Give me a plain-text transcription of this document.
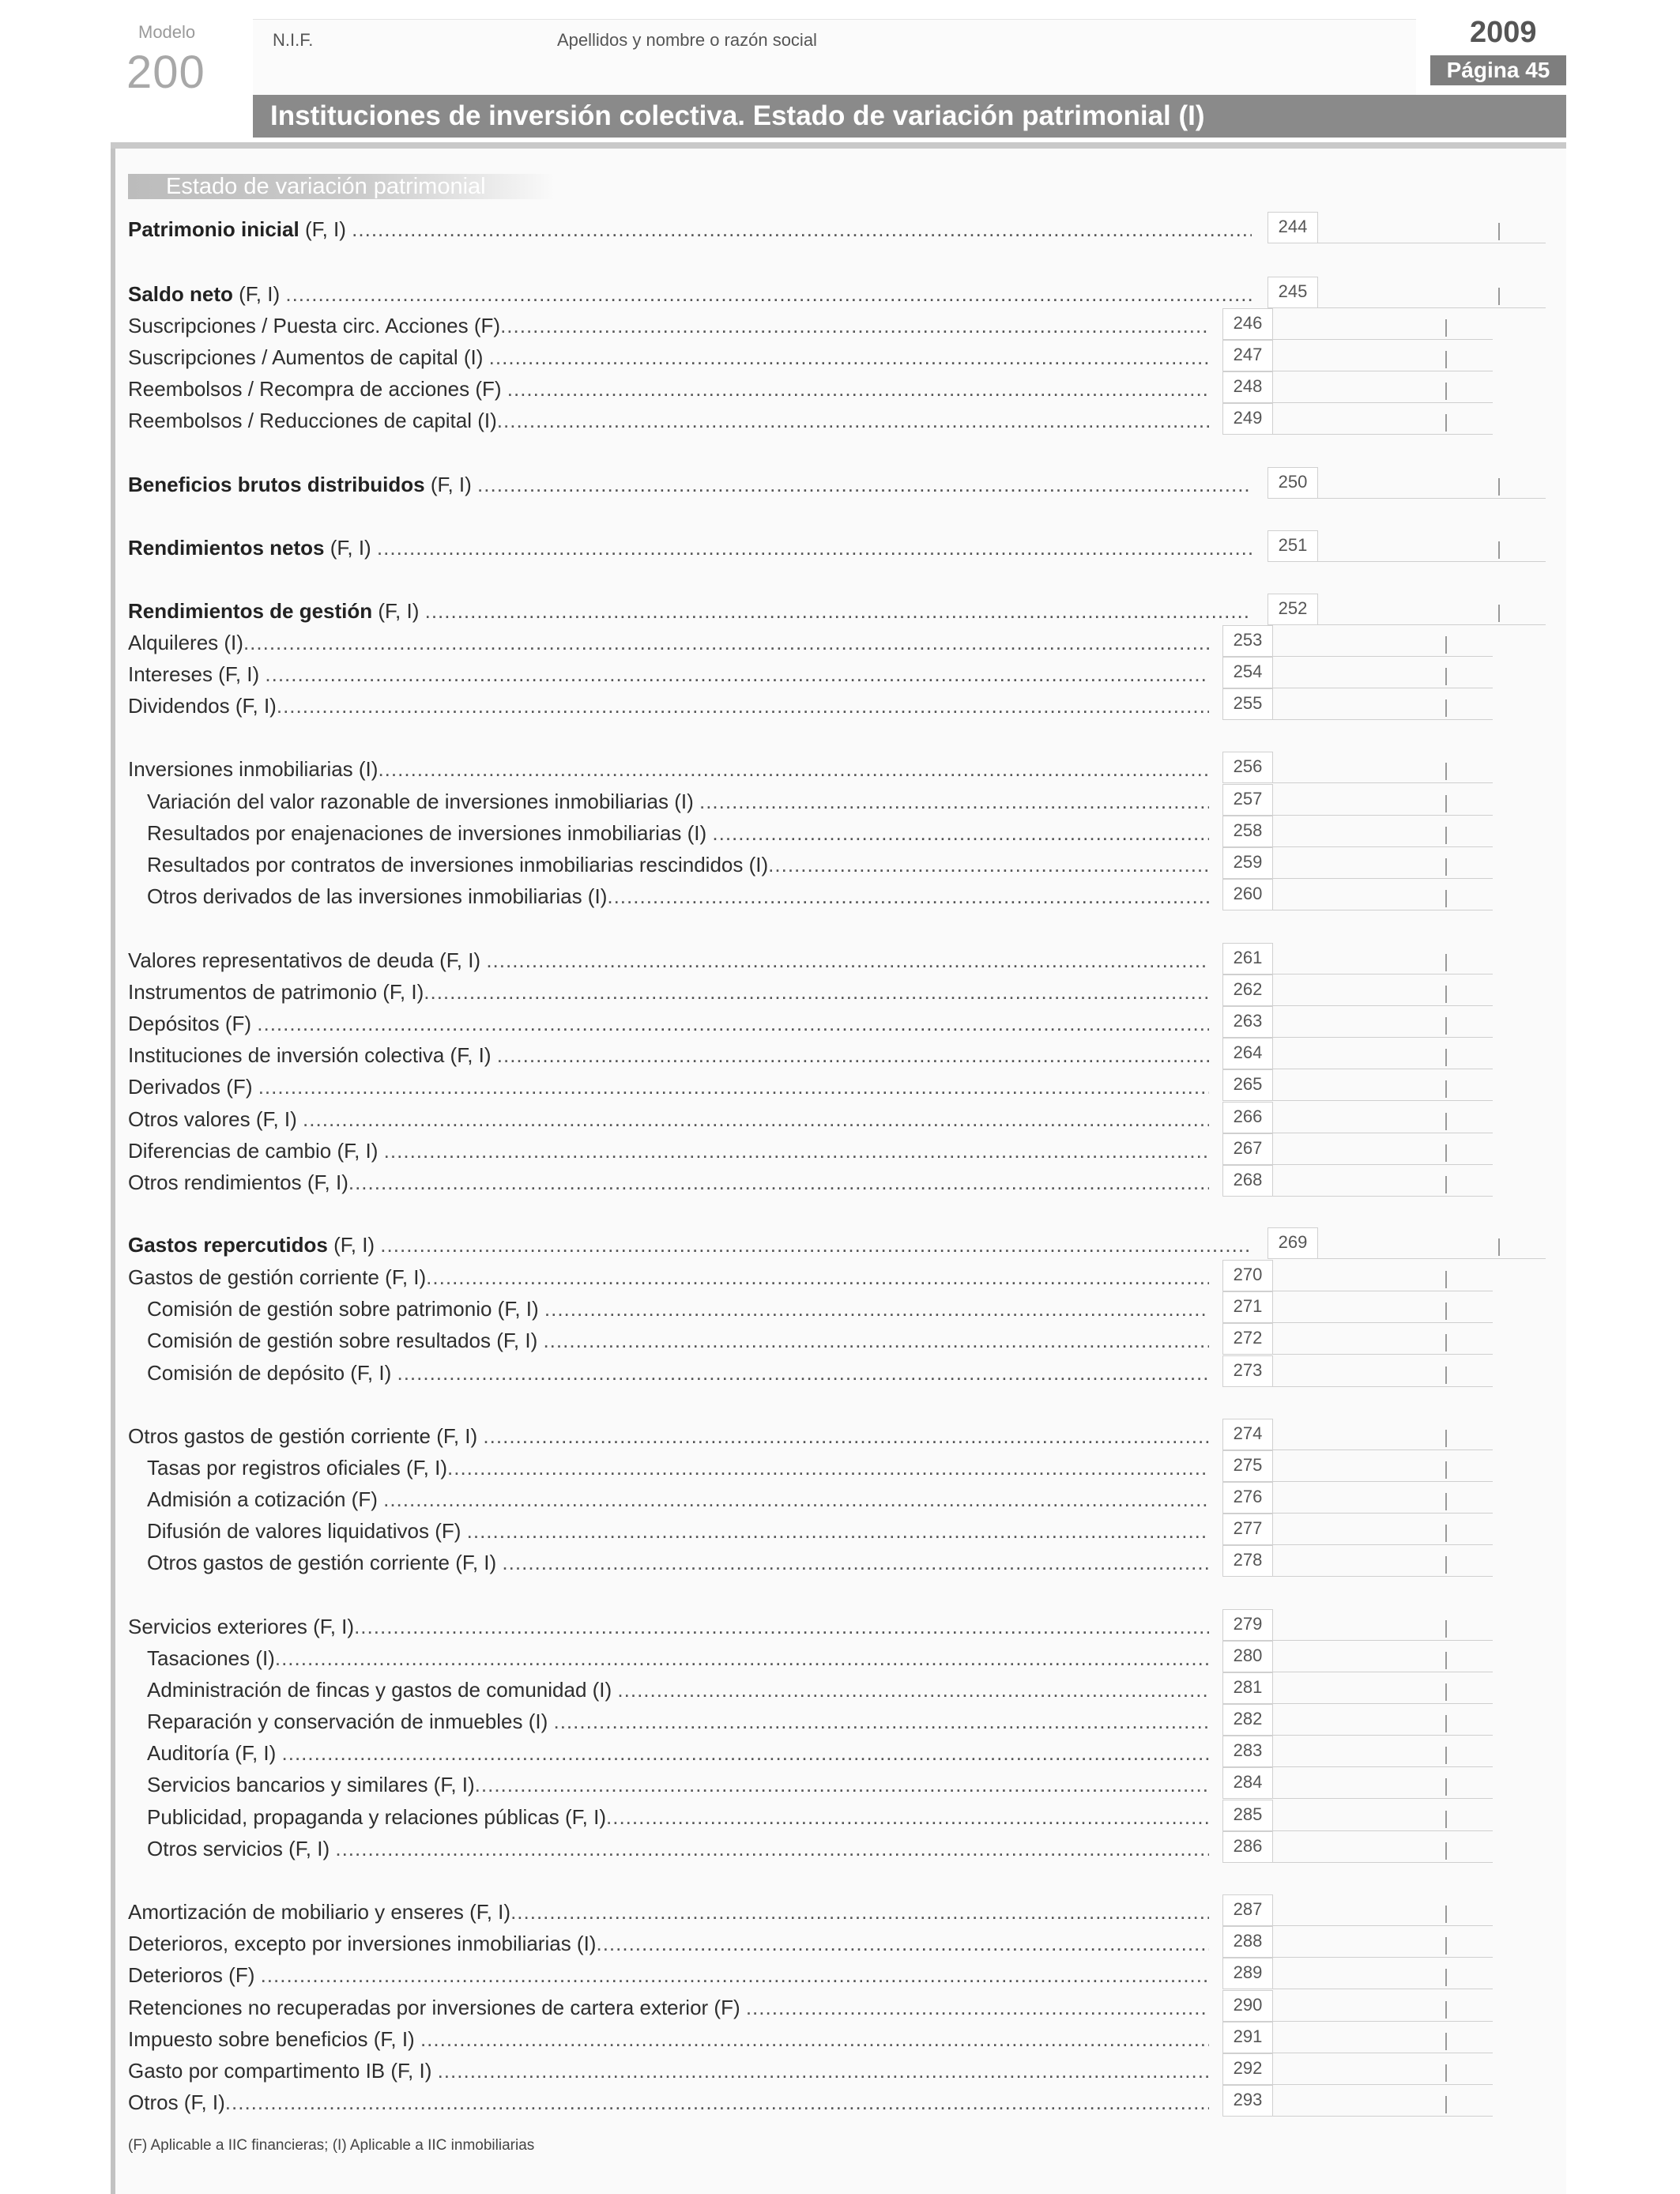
Modelo
200
N.I.F.	Apellidos y nombre o razón social	2009
Página 45
Instituciones de inversión colectiva. Estado de variación patrimonial (I)
Estado de variación patrimonial
Patrimonio inicial (F, I) .....	244
Saldo neto (F, I) .....	245
Suscripciones / Puesta circ. Acciones (F) .....	246
Suscripciones / Aumentos de capital (I) .....	247
Reembolsos / Recompra de acciones (F) .....	248
Reembolsos / Reducciones de capital (I) .....	249
Beneficios brutos distribuidos (F, I) .....	250
Rendimientos netos (F, I) .....	251
Rendimientos de gestión (F, I) .....	252
Alquileres (I) .....	253
Intereses (F, I) .....	254
Dividendos (F, I) .....	255
Inversiones inmobiliarias (I) .....	256
Variación del valor razonable de inversiones inmobiliarias (I) .....	257
Resultados por enajenaciones de inversiones inmobiliarias (I) .....	258
Resultados por contratos de inversiones inmobiliarias rescindidos (I) .....	259
Otros derivados de las inversiones inmobiliarias (I) .....	260
Valores representativos de deuda (F, I) .....	261
Instrumentos de patrimonio (F, I) .....	262
Depósitos (F) .....	263
Instituciones de inversión colectiva (F, I) .....	264
Derivados (F) .....	265
Otros valores (F, I) .....	266
Diferencias de cambio (F, I) .....	267
Otros rendimientos (F, I) .....	268
Gastos repercutidos (F, I) .....	269
Gastos de gestión corriente (F, I) .....	270
Comisión de gestión sobre patrimonio (F, I) .....	271
Comisión de gestión sobre resultados (F, I) .....	272
Comisión de depósito (F, I) .....	273
Otros gastos de gestión corriente (F, I) .....	274
Tasas por registros oficiales (F, I) .....	275
Admisión a cotización (F) .....	276
Difusión de valores liquidativos (F) .....	277
Otros gastos de gestión corriente (F, I) .....	278
Servicios exteriores (F, I) .....	279
Tasaciones (I) .....	280
Administración de fincas y gastos de comunidad (I) .....	281
Reparación y conservación de inmuebles (I) .....	282
Auditoría (F, I) .....	283
Servicios bancarios y similares (F, I) .....	284
Publicidad, propaganda y relaciones públicas (F, I) .....	285
Otros servicios (F, I) .....	286
Amortización de mobiliario y enseres (F, I) .....	287
Deterioros, excepto por inversiones inmobiliarias (I) .....	288
Deterioros (F) .....	289
Retenciones no recuperadas por inversiones de cartera exterior (F) .....	290
Impuesto sobre beneficios (F, I) .....	291
Gasto por compartimento IB (F, I) .....	292
Otros (F, I) .....	293
(F) Aplicable a IIC financieras; (I) Aplicable a IIC inmobiliarias
